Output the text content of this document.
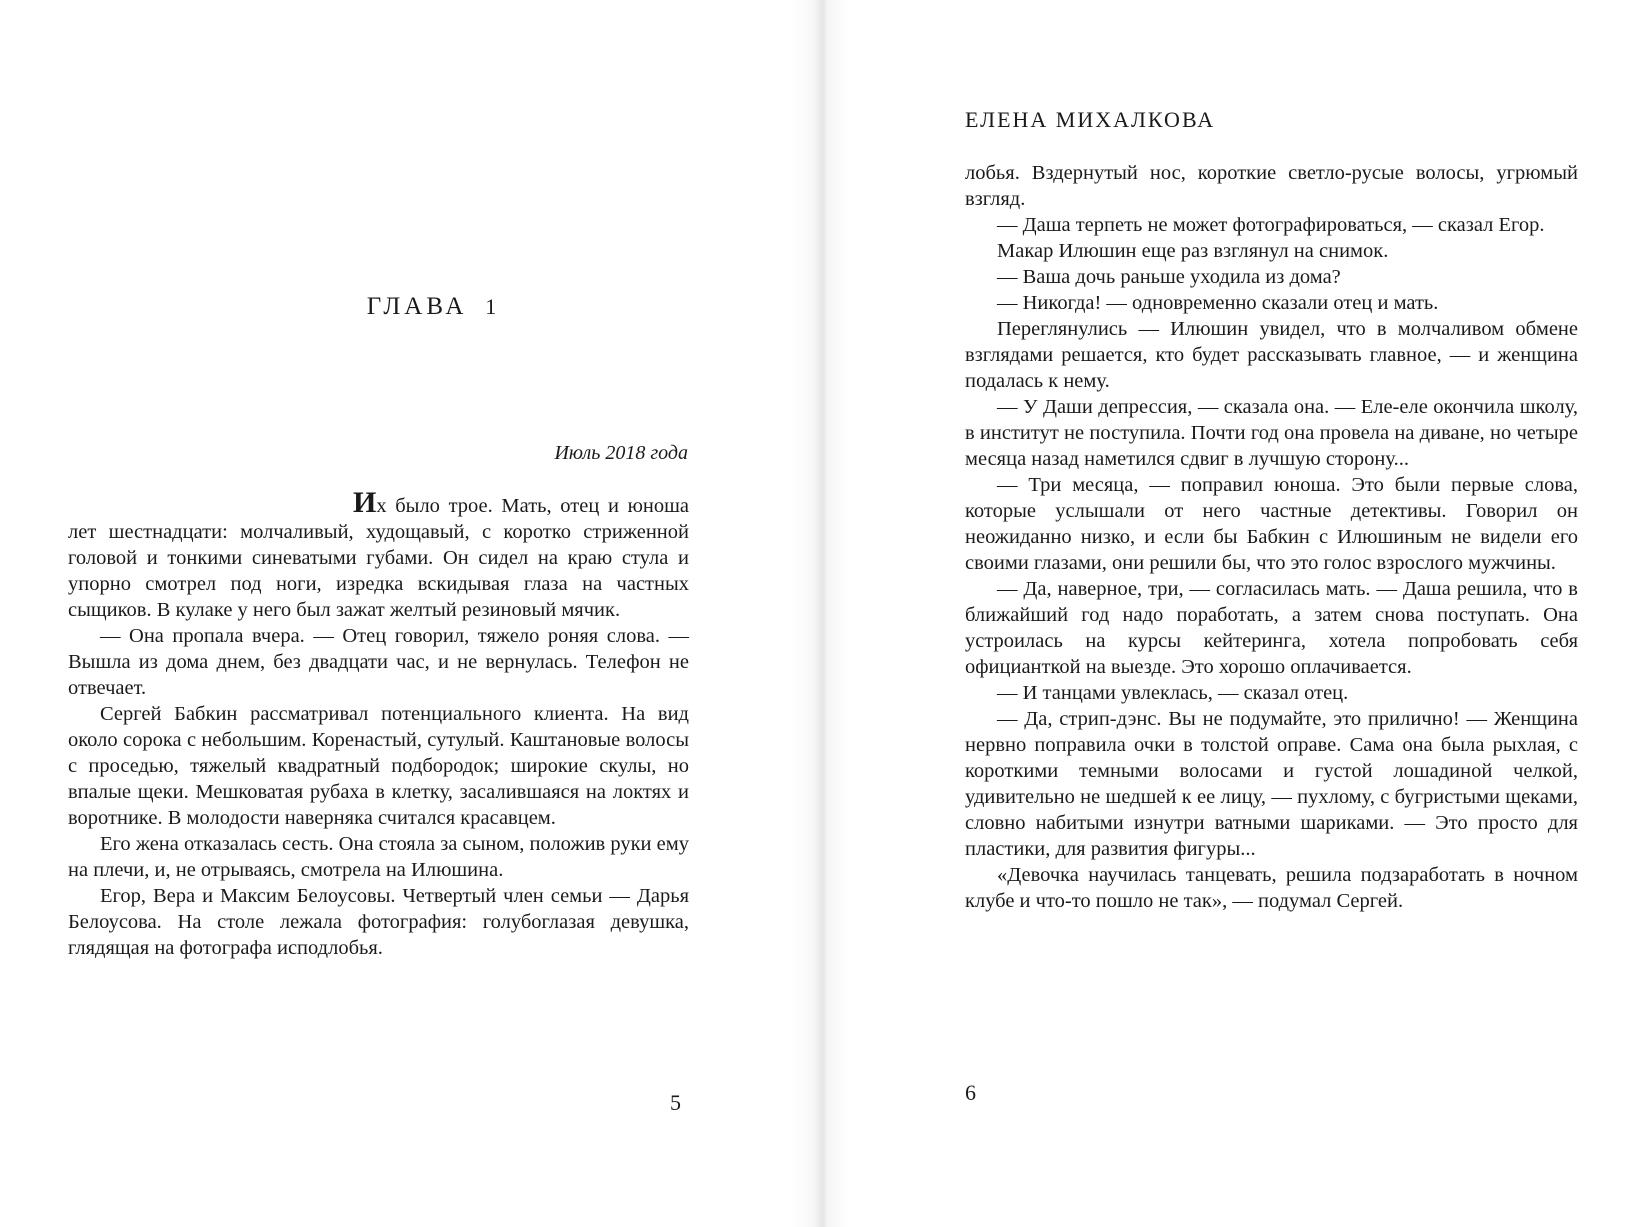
ГЛАВА 1
Июль 2018 года

Их было трое. Мать, отец и юноша лет шестнадцати: молчаливый, худощавый, с коротко стриженной головой и тонкими синеватыми губами. Он сидел на краю стула и упорно смотрел под ноги, изредка вскидывая глаза на частных сыщиков. В кулаке у него был зажат желтый резиновый мячик.

— Она пропала вчера. — Отец говорил, тяжело роняя слова. — Вышла из дома днем, без двадцати час, и не вернулась. Телефон не отвечает.

Сергей Бабкин рассматривал потенциального клиента. На вид около сорока с небольшим. Коренастый, сутулый. Каштановые волосы с проседью, тяжелый квадратный подбородок; широкие скулы, но впалые щеки. Мешковатая рубаха в клетку, засалившаяся на локтях и воротнике. В молодости наверняка считался красавцем.

Его жена отказалась сесть. Она стояла за сыном, положив руки ему на плечи, и, не отрываясь, смотрела на Илюшина.

Егор, Вера и Максим Белоусовы. Четвертый член семьи — Дарья Белоусова. На столе лежала фотография: голубоглазая девушка, глядящая на фотографа исподлобья.

5
ЕЛЕНА МИХАЛКОВА

лобья. Вздернутый нос, короткие светло-русые волосы, угрюмый взгляд.

— Даша терпеть не может фотографироваться, — сказал Егор.

Макар Илюшин еще раз взглянул на снимок.

— Ваша дочь раньше уходила из дома?

— Никогда! — одновременно сказали отец и мать.

Переглянулись — Илюшин увидел, что в молчаливом обмене взглядами решается, кто будет рассказывать главное, — и женщина подалась к нему.

— У Даши депрессия, — сказала она. — Еле-еле окончила школу, в институт не поступила. Почти год она провела на диване, но четыре месяца назад наметился сдвиг в лучшую сторону...

— Три месяца, — поправил юноша. Это были первые слова, которые услышали от него частные детективы. Говорил он неожиданно низко, и если бы Бабкин с Илюшиным не видели его своими глазами, они решили бы, что это голос взрослого мужчины.

— Да, наверное, три, — согласилась мать. — Даша решила, что в ближайший год надо поработать, а затем снова поступать. Она устроилась на курсы кейтеринга, хотела попробовать себя официанткой на выезде. Это хорошо оплачивается.

— И танцами увлеклась, — сказал отец.

— Да, стрип-дэнс. Вы не подумайте, это прилично! — Женщина нервно поправила очки в толстой оправе. Сама она была рыхлая, с короткими темными волосами и густой лошадиной челкой, удивительно не шедшей к ее лицу, — пухлому, с бугристыми щеками, словно набитыми изнутри ватными шариками. — Это просто для пластики, для развития фигуры...

«Девочка научилась танцевать, решила подзаработать в ночном клубе и что-то пошло не так», — подумал Сергей.

6
